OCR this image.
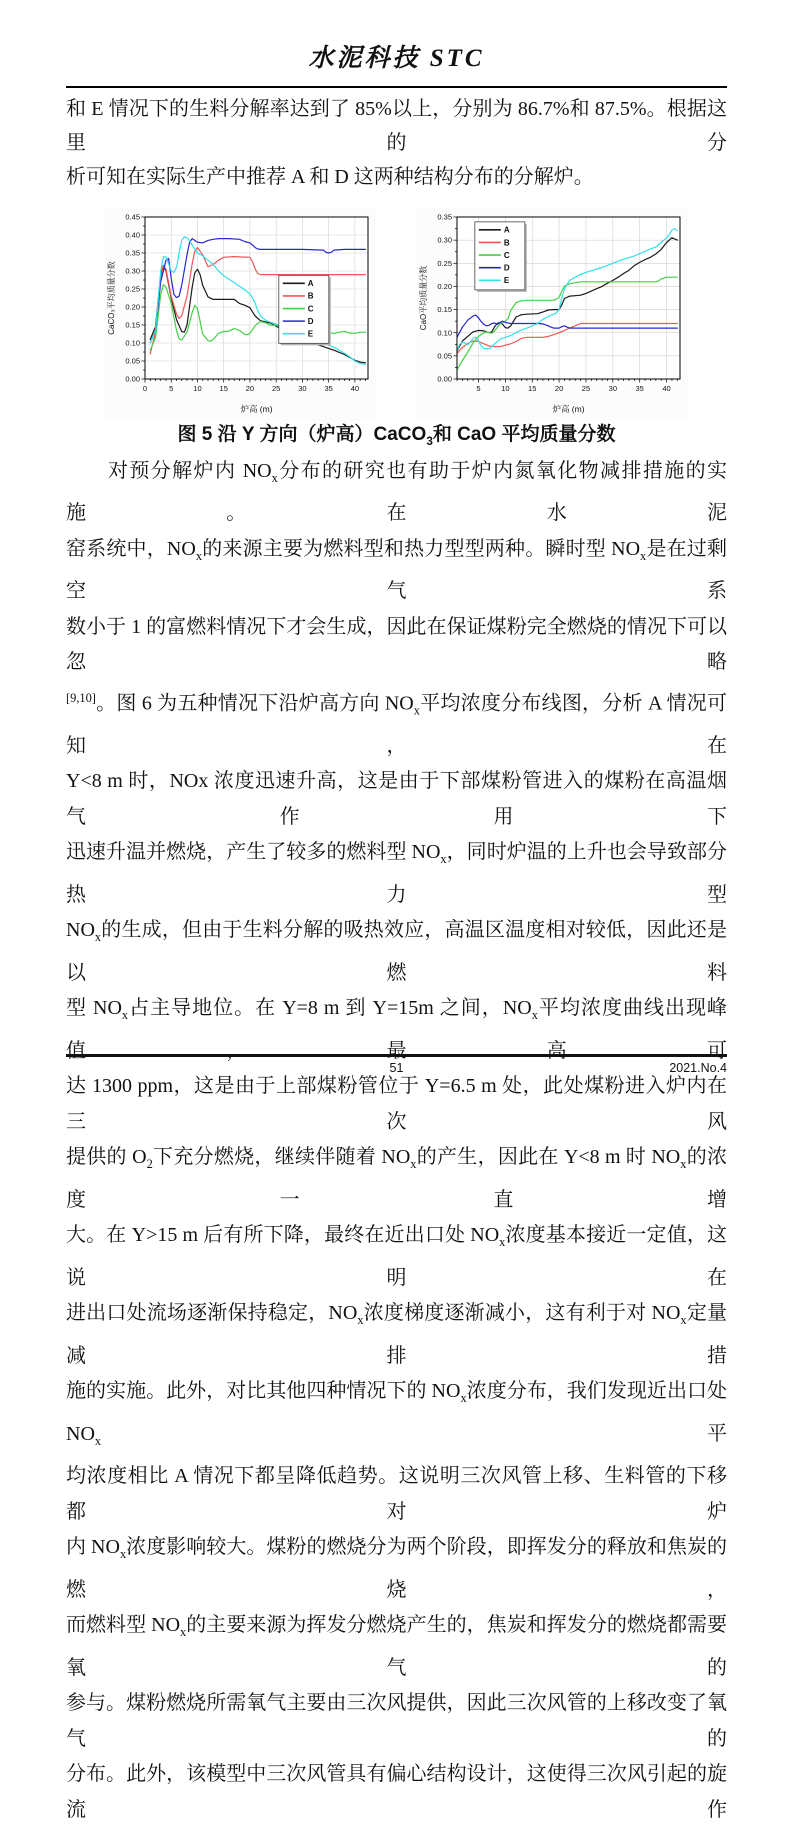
水泥科技 STC
和 E 情况下的生料分解率达到了 85%以上，分别为 86.7%和 87.5%。根据这里的分
析可知在实际生产中推荐 A 和 D 这两种结构分布的分解炉。
0	5	10 15 20 25 30 35 40
0.00
0.05
0.10
0.15
0.20
0.25
0.30
0.35
0.40
0.45
炉高 (m)
CaCO₃平均质量分数	A
B
C
D
E
5	10 15 20 25 30 35 40
0.00
0.05
0.10
0.15
0.20
0.25
0.30
0.35
炉高 (m)
CaO平均质量分数
A
B
C
D
E
图 5 沿 Y 方向（炉高）CaCO$_3$和 CaO 平均质量分数
对预分解炉内 $NO_x$分布的研究也有助于炉内氮氧化物减排措施的实施。在水泥
窑系统中，$NO_x$的来源主要为燃料型和热力型型两种。瞬时型 $NO_x$是在过剩空气系
数小于 1 的富燃料情况下才会生成，因此在保证煤粉完全燃烧的情况下可以忽略
[9,10]。图 6 为五种情况下沿炉高方向 $NO_x$平均浓度分布线图，分析 A 情况可知，在
Y<8 m 时，NOx 浓度迅速升高，这是由于下部煤粉管进入的煤粉在高温烟气作用下
迅速升温并燃烧，产生了较多的燃料型 $NO_x$，同时炉温的上升也会导致部分热力型
$NO_x$的生成，但由于生料分解的吸热效应，高温区温度相对较低，因此还是以燃料
型 $NO_x$占主导地位。在 Y=8 m 到 Y=15m 之间，$NO_x$平均浓度曲线出现峰值，最高可
达 1300 ppm，这是由于上部煤粉管位于 Y=6.5 m 处，此处煤粉进入炉内在三次风
提供的 $O_2$下充分燃烧，继续伴随着 $NO_x$的产生，因此在 Y<8 m 时 $NO_x$的浓度一直增
大。在 Y>15 m 后有所下降，最终在近出口处 $NO_x$浓度基本接近一定值，这说明在
进出口处流场逐渐保持稳定，$NO_x$浓度梯度逐渐减小，这有利于对 $NO_x$定量减排措
施的实施。此外，对比其他四种情况下的 $NO_x$浓度分布，我们发现近出口处 $NO_x$平
均浓度相比 A 情况下都呈降低趋势。这说明三次风管上移、生料管的下移都对炉
内 $NO_x$浓度影响较大。煤粉的燃烧分为两个阶段，即挥发分的释放和焦炭的燃烧，
而燃料型 $NO_x$的主要来源为挥发分燃烧产生的，焦炭和挥发分的燃烧都需要氧气的
参与。煤粉燃烧所需氧气主要由三次风提供，因此三次风管的上移改变了氧气的
分布。此外，该模型中三次风管具有偏心结构设计，这使得三次风引起的旋流作
51	2021.No.4
